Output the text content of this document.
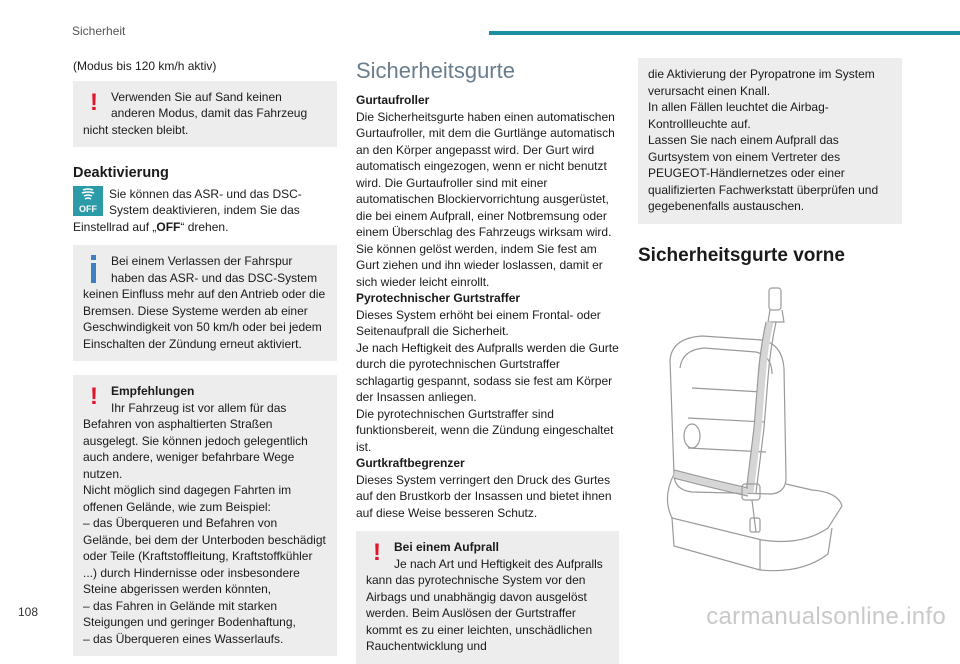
Sicherheit

(Modus bis 120 km/h aktiv)

!	Verwenden Sie auf Sand keinen anderen Modus, damit das Fahrzeug nicht stecken bleibt.

Deaktivierung
OFF

Sie können das ASR- und das DSC-System deaktivieren, indem Sie das Einstellrad auf „OFF“ drehen.

Bei einem Verlassen der Fahrspur haben das ASR- und das DSC-System keinen Einfluss mehr auf den Antrieb oder die Bremsen. Diese Systeme werden ab einer Geschwindigkeit von 50 km/h oder bei jedem Einschalten der Zündung erneut aktiviert.

!	Empfehlungen

Ihr Fahrzeug ist vor allem für das Befahren von asphaltierten Straßen ausgelegt. Sie können jedoch gelegentlich auch andere, weniger befahrbare Wege nutzen.

Nicht möglich sind dagegen Fahrten im offenen Gelände, wie zum Beispiel:

– das Überqueren und Befahren von Gelände, bei dem der Unterboden beschädigt oder Teile (Kraftstoffleitung, Kraftstoffkühler ...) durch Hindernisse oder insbesondere Steine abgerissen werden könnten,

– das Fahren in Gelände mit starken Steigungen und geringer Bodenhaftung,

– das Überqueren eines Wasserlaufs.

Sicherheitsgurte

Gurtaufroller

Die Sicherheitsgurte haben einen automatischen Gurtaufroller, mit dem die Gurtlänge automatisch an den Körper angepasst wird. Der Gurt wird automatisch eingezogen, wenn er nicht benutzt wird. Die Gurtaufroller sind mit einer automatischen Blockiervorrichtung ausgerüstet, die bei einem Aufprall, einer Notbremsung oder einem Überschlag des Fahrzeugs wirksam wird. Sie können gelöst werden, indem Sie fest am Gurt ziehen und ihn wieder loslassen, damit er sich wieder leicht einrollt.

Pyrotechnischer Gurtstraffer

Dieses System erhöht bei einem Frontal- oder Seitenaufprall die Sicherheit.

Je nach Heftigkeit des Aufpralls werden die Gurte durch die pyrotechnischen Gurtstraffer schlagartig gespannt, sodass sie fest am Körper der Insassen anliegen.

Die pyrotechnischen Gurtstraffer sind funktionsbereit, wenn die Zündung eingeschaltet ist.

Gurtkraftbegrenzer

Dieses System verringert den Druck des Gurtes auf den Brustkorb der Insassen und bietet ihnen auf diese Weise besseren Schutz.

!	Bei einem Aufprall

Je nach Art und Heftigkeit des Aufpralls kann das pyrotechnische System vor den Airbags und unabhängig davon ausgelöst werden. Beim Auslösen der Gurtstraffer kommt es zu einer leichten, unschädlichen Rauchentwicklung und

die Aktivierung der Pyropatrone im System verursacht einen Knall.

In allen Fällen leuchtet die Airbag-Kontrollleuchte auf.

Lassen Sie nach einem Aufprall das Gurtsystem von einem Vertreter des PEUGEOT-Händlernetzes oder einer qualifizierten Fachwerkstatt überprüfen und gegebenenfalls austauschen.

Sicherheitsgurte vorne
108	carmanualsonline.info
